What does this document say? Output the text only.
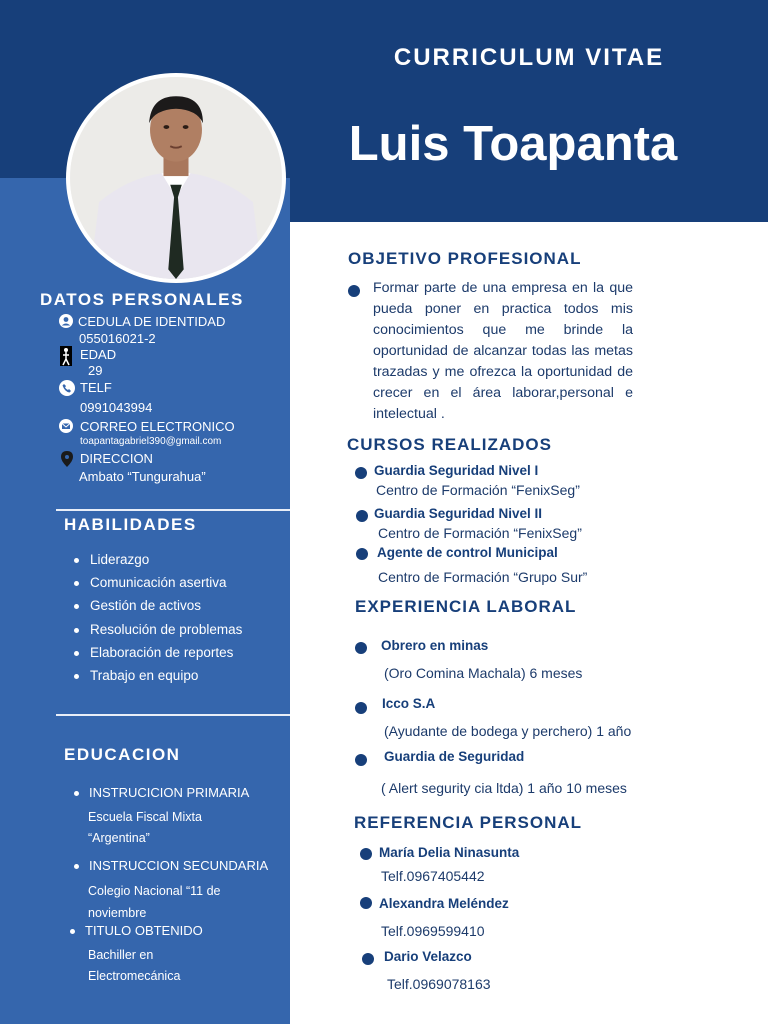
CURRICULUM VITAE
Luis Toapanta
DATOS PERSONALES
CEDULA DE IDENTIDAD
055016021-2
EDAD
29
TELF
0991043994
CORREO ELECTRONICO
toapantagabriel390@gmail.com
DIRECCION
Ambato “Tungurahua”
HABILIDADES
Liderazgo
Comunicación asertiva
Gestión de activos
Resolución de problemas
Elaboración de reportes
Trabajo en equipo
EDUCACION
INSTRUCICION PRIMARIA
Escuela Fiscal Mixta
“Argentina”
INSTRUCCION SECUNDARIA
Colegio Nacional “11 de
noviembre
TITULO OBTENIDO
Bachiller en
Electromecánica
OBJETIVO PROFESIONAL
Formar parte de una empresa en la que pueda poner en practica todos mis conocimientos que me brinde la oportunidad de alcanzar todas las metas trazadas y me ofrezca la oportunidad de crecer en el área laborar,personal e intelectual .
CURSOS REALIZADOS
Guardia Seguridad Nivel I
Centro de Formación “FenixSeg”
Guardia Seguridad Nivel II
Centro de Formación “FenixSeg”
Agente de control Municipal
Centro de Formación “Grupo Sur”
EXPERIENCIA LABORAL
Obrero en minas
(Oro Comina Machala) 6 meses
Icco S.A
(Ayudante de bodega y perchero) 1 año
Guardia de Seguridad
( Alert segurity cia ltda) 1 año 10 meses
REFERENCIA PERSONAL
María Delia Ninasunta
Telf.0967405442
Alexandra Meléndez
Telf.0969599410
Dario Velazco
Telf.0969078163
